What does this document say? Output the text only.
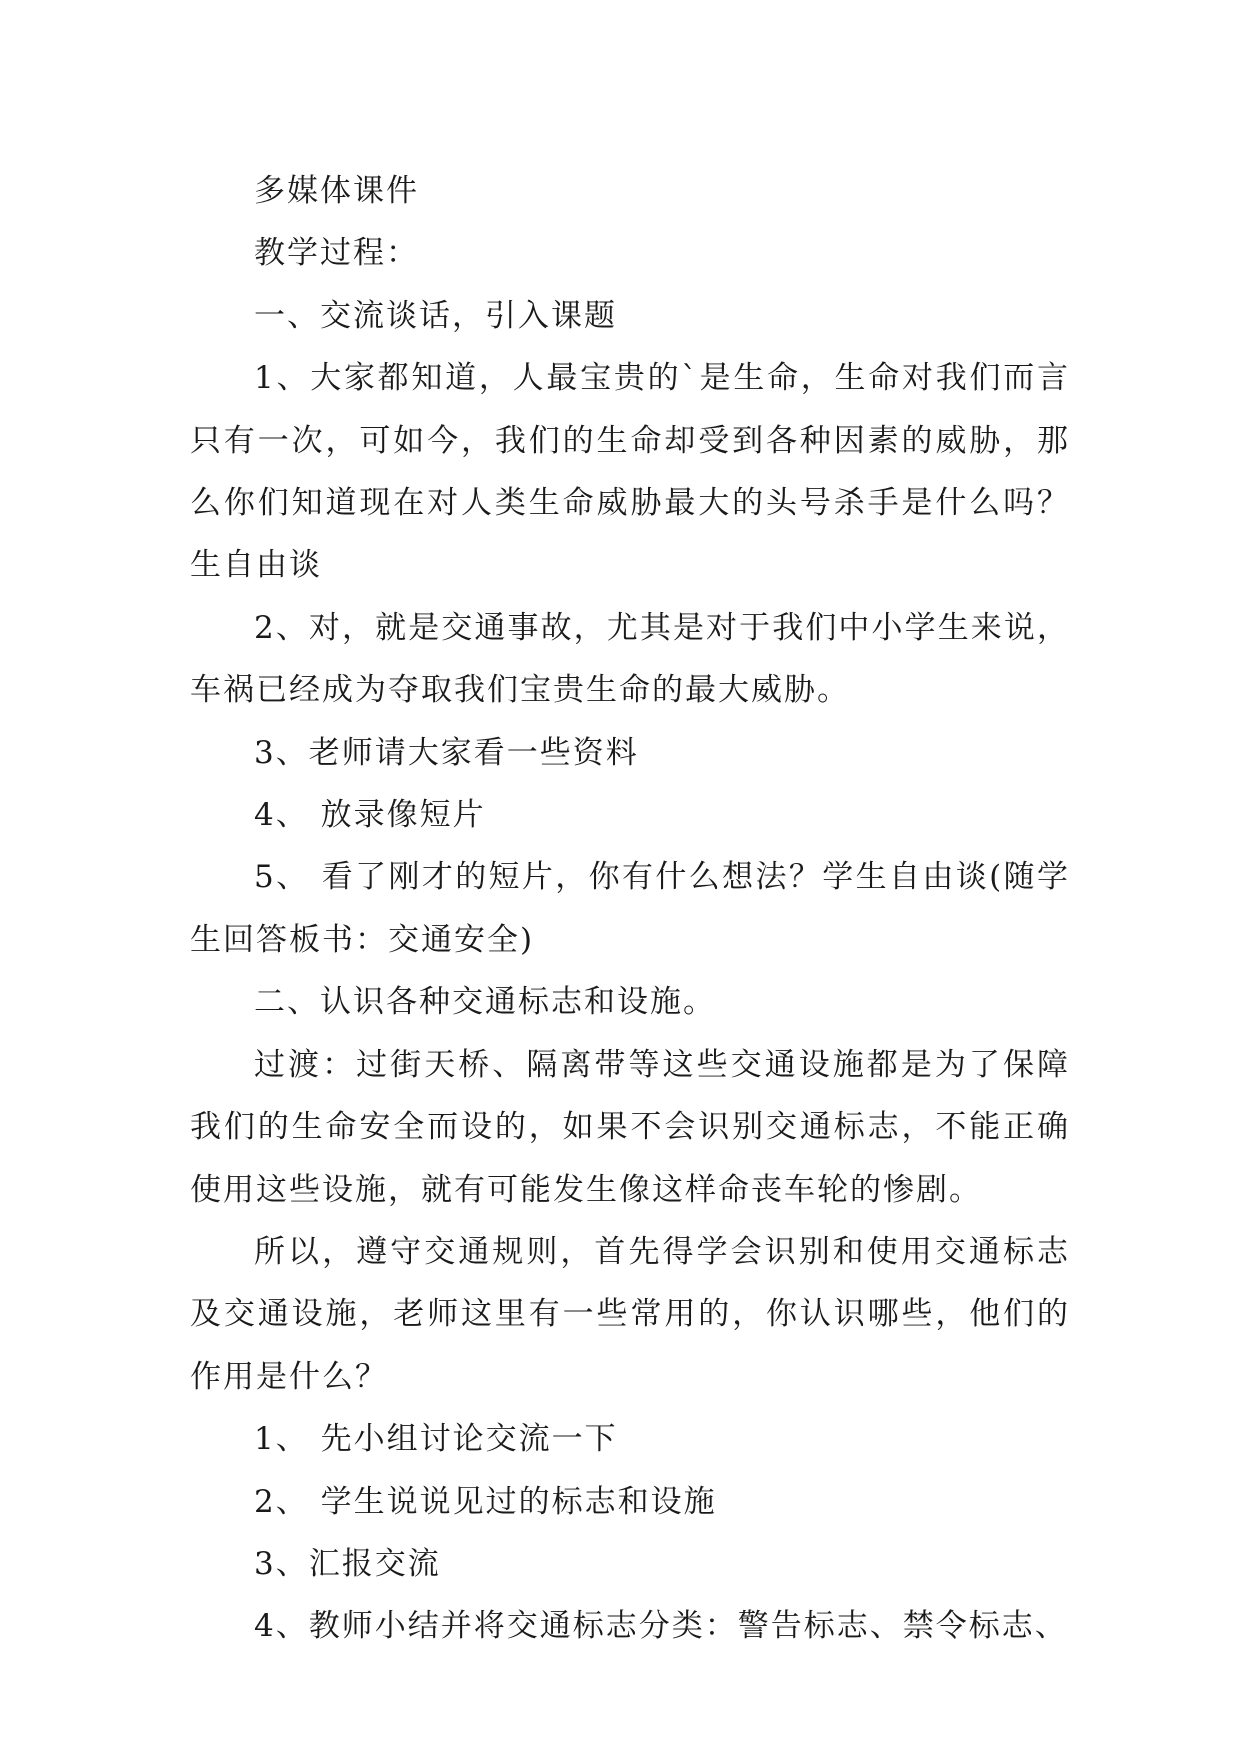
多媒体课件

教学过程：

一、交流谈话，引入课题

1、大家都知道，人最宝贵的`是生命，生命对我们而言只有一次，可如今，我们的生命却受到各种因素的威胁，那么你们知道现在对人类生命威胁最大的头号杀手是什么吗？生自由谈

2、对，就是交通事故，尤其是对于我们中小学生来说，车祸已经成为夺取我们宝贵生命的最大威胁。

3、老师请大家看一些资料

4、 放录像短片

5、 看了刚才的短片，你有什么想法？学生自由谈(随学生回答板书：交通安全)

二、认识各种交通标志和设施。

过渡：过街天桥、隔离带等这些交通设施都是为了保障我们的生命安全而设的，如果不会识别交通标志，不能正确使用这些设施，就有可能发生像这样命丧车轮的惨剧。

所以，遵守交通规则，首先得学会识别和使用交通标志及交通设施，老师这里有一些常用的，你认识哪些，他们的作用是什么？

1、 先小组讨论交流一下

2、 学生说说见过的标志和设施

3、汇报交流

4、教师小结并将交通标志分类：警告标志、禁令标志、
